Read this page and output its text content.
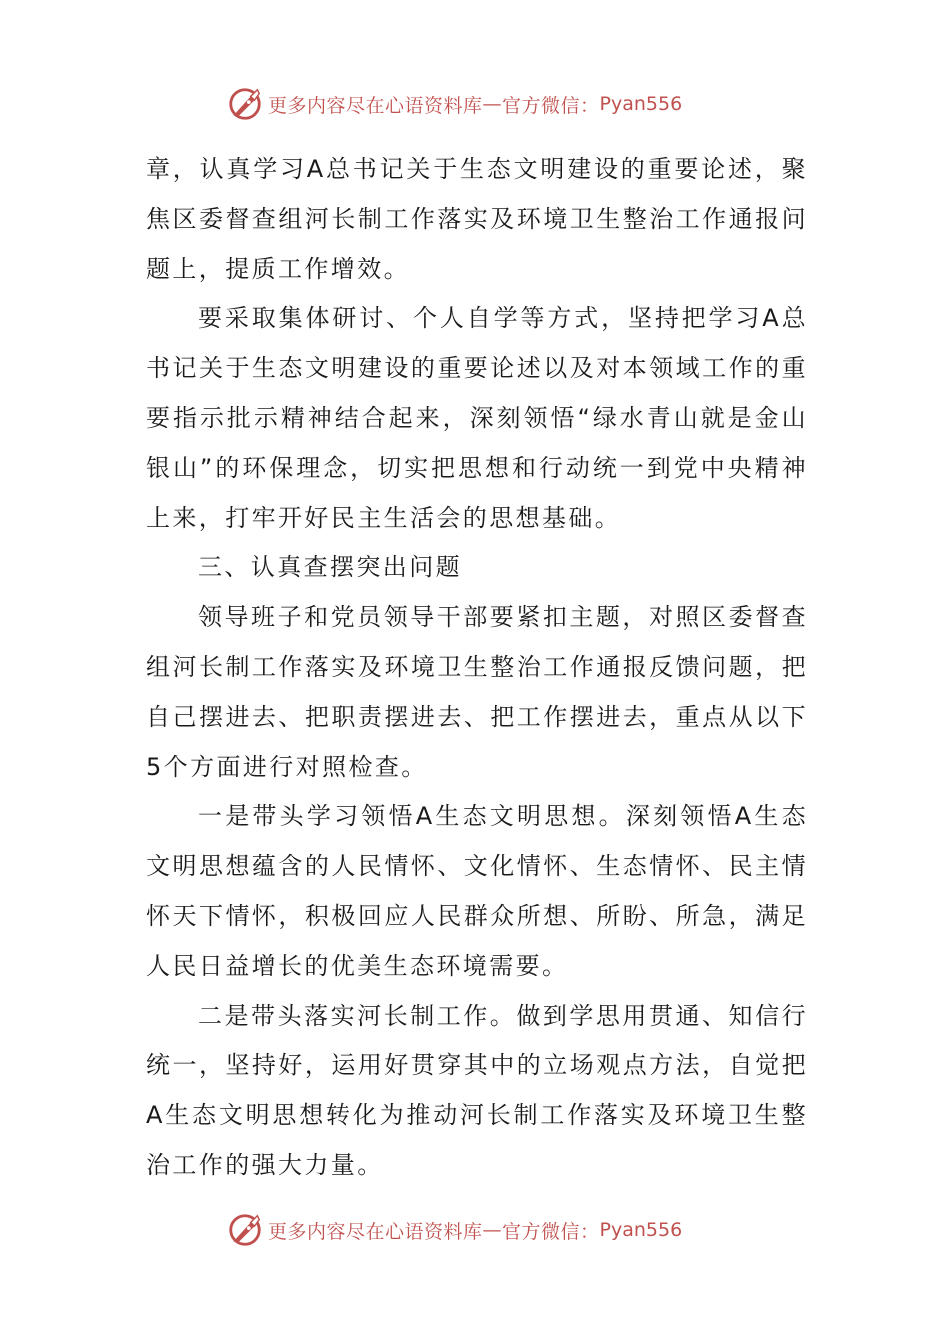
更多内容尽在心语资料库 — 官方微信： Pyan556

章，认真学习A总书记关于生态文明建设的重要论述，聚焦区委督查组河长制工作落实及环境卫生整治工作通报问题上，提质工作增效。

要采取集体研讨、个人自学等方式，坚持把学习A总书记关于生态文明建设的重要论述以及对本领域工作的重要指示批示精神结合起来，深刻领悟“绿水青山就是金山银山”的环保理念，切实把思想和行动统一到党中央精神上来，打牢开好民主生活会的思想基础。

三、认真查摆突出问题

领导班子和党员领导干部要紧扣主题，对照区委督查组河长制工作落实及环境卫生整治工作通报反馈问题，把自己摆进去、把职责摆进去、把工作摆进去，重点从以下5个方面进行对照检查。

一是带头学习领悟A生态文明思想。深刻领悟A生态文明思想蕴含的人民情怀、文化情怀、生态情怀、民主情怀天下情怀，积极回应人民群众所想、所盼、所急，满足人民日益增长的优美生态环境需要。

二是带头落实河长制工作。做到学思用贯通、知信行统一，坚持好，运用好贯穿其中的立场观点方法，自觉把A生态文明思想转化为推动河长制工作落实及环境卫生整治工作的强大力量。

更多内容尽在心语资料库 — 官方微信： Pyan556
